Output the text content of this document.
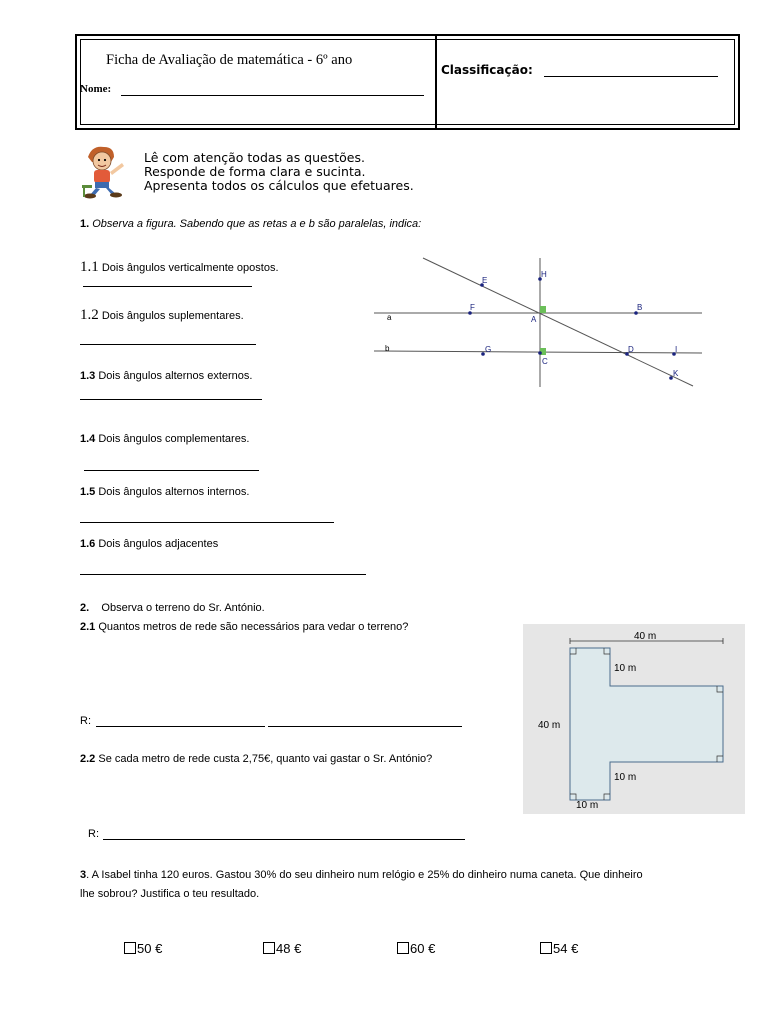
Ficha de Avaliação de matemática - 6º ano
Nome:
Classificação:
Lê com atenção todas as questões.
Responde de forma clara e sucinta.
Apresenta todos os cálculos que efetuares.
1. Observa a figura. Sabendo que as retas a e b são paralelas, indica:
1.1 Dois ângulos verticalmente opostos.
1.2 Dois ângulos suplementares.
1.3 Dois ângulos alternos externos.
1.4 Dois ângulos complementares.
1.5 Dois ângulos alternos internos.
1.6 Dois ângulos adjacentes
a
b
E
H
F
A
B
G
C
D	I
K
2. Observa o terreno do Sr. António.
2.1 Quantos metros de rede são necessários para vedar o terreno?
R:
2.2 Se cada metro de rede custa 2,75€, quanto vai gastar o Sr. António?
R:
40 m
10 m
40 m
10 m
10 m
3. A Isabel tinha 120 euros. Gastou 30% do seu dinheiro num relógio e 25% do dinheiro numa caneta. Que dinheiro
lhe sobrou? Justifica o teu resultado.
50 €	48 €	60 €	54 €
